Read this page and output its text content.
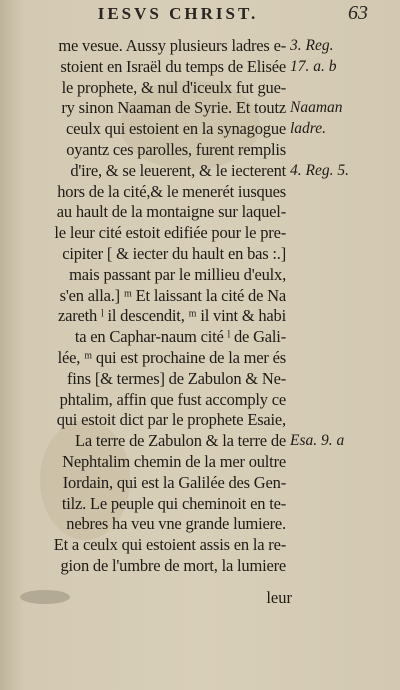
IESVS CHRIST.	63
me vesue. Aussy plusieurs ladres e-
stoient en Israël du temps de Elisée
le prophete, & nul d'iceulx fut gue-
ry sinon Naaman de Syrie. Et toutz
ceulx qui estoient en la synagogue
oyantz ces parolles, furent remplis
d'ire, & se leuerent, & le iecterent
hors de la cité,& le menerét iusques
au hault de la montaigne sur laquel-
le leur cité estoit edifiée pour le pre-
cipiter [ & iecter du hault en bas :.]
mais passant par le millieu d'eulx,
s'en alla.] ᵐ Et laissant la cité de Na
zareth ˡ il descendit, ᵐ il vint & habi
ta en Caphar-naum cité ˡ de Gali-
lée, ᵐ qui est prochaine de la mer és
fins [& termes] de Zabulon & Ne-
phtalim, affin que fust accomply ce
qui estoit dict par le prophete Esaie,
La terre de Zabulon & la terre de
Nephtalim chemin de la mer oultre
Iordain, qui est la Galilée des Gen-
tilz. Le peuple qui cheminoit en te-
nebres ha veu vne grande lumiere.
Et a ceulx qui estoient assis en la re-
gion de l'umbre de mort, la lumiere
3. Reg.
17. a. b
Naaman
ladre.
4. Reg. 5.
Esa. 9. a
leur
